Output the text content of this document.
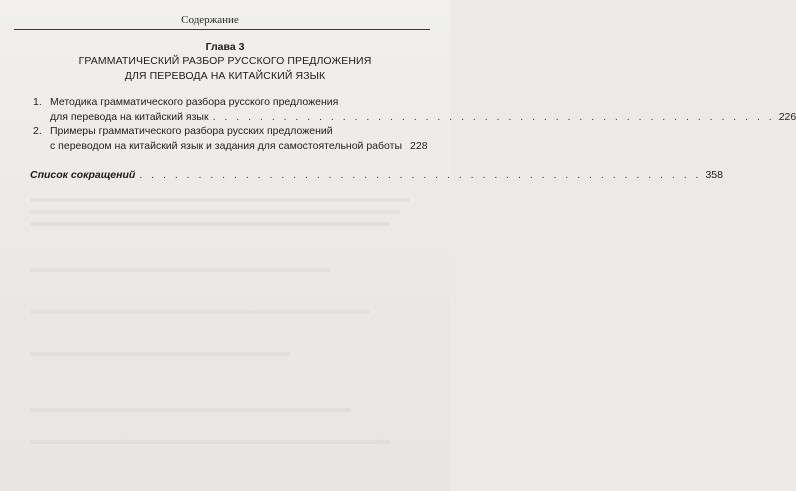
Содержание
Глава 3
ГРАММАТИЧЕСКИЙ РАЗБОР РУССКОГО ПРЕДЛОЖЕНИЯ
ДЛЯ ПЕРЕВОДА НА КИТАЙСКИЙ ЯЗЫК
1. Методика грамматического разбора русского предложения
для перевода на китайский язык . . . . . . . . . . . . . . . . . . . . . . . . . . . . . . . . . . . . . . . . . . . . . . . . 226
2. Примеры грамматического разбора русских предложений
с переводом на китайский язык и задания для самостоятельной работы 228
Список сокращений . . . . . . . . . . . . . . . . . . . . . . . . . . . . . . . . . . . . . . . . . . . . . . . . 358
